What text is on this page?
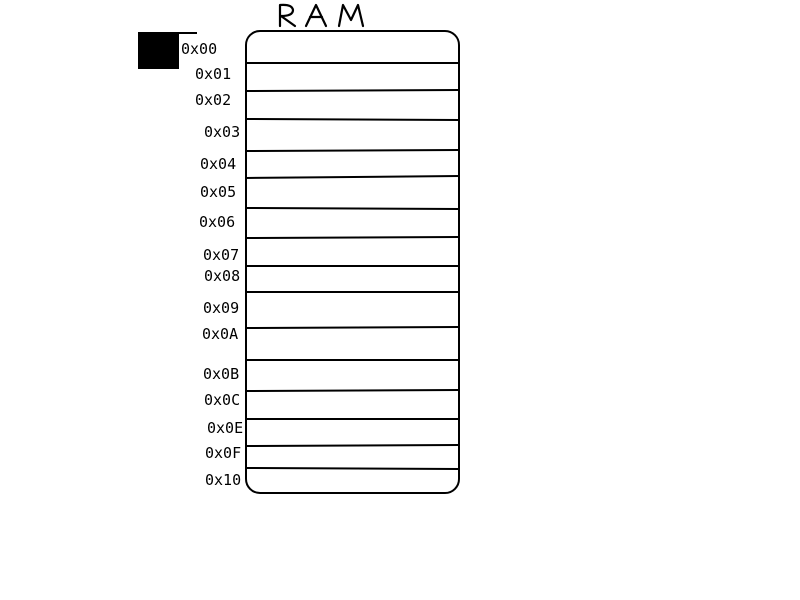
0x00
0x01
0x02
0x03
0x04
0x05
0x06
0x07
0x08
0x09
0x0A
0x0B
0x0C
0x0E
0x0F
0x10
